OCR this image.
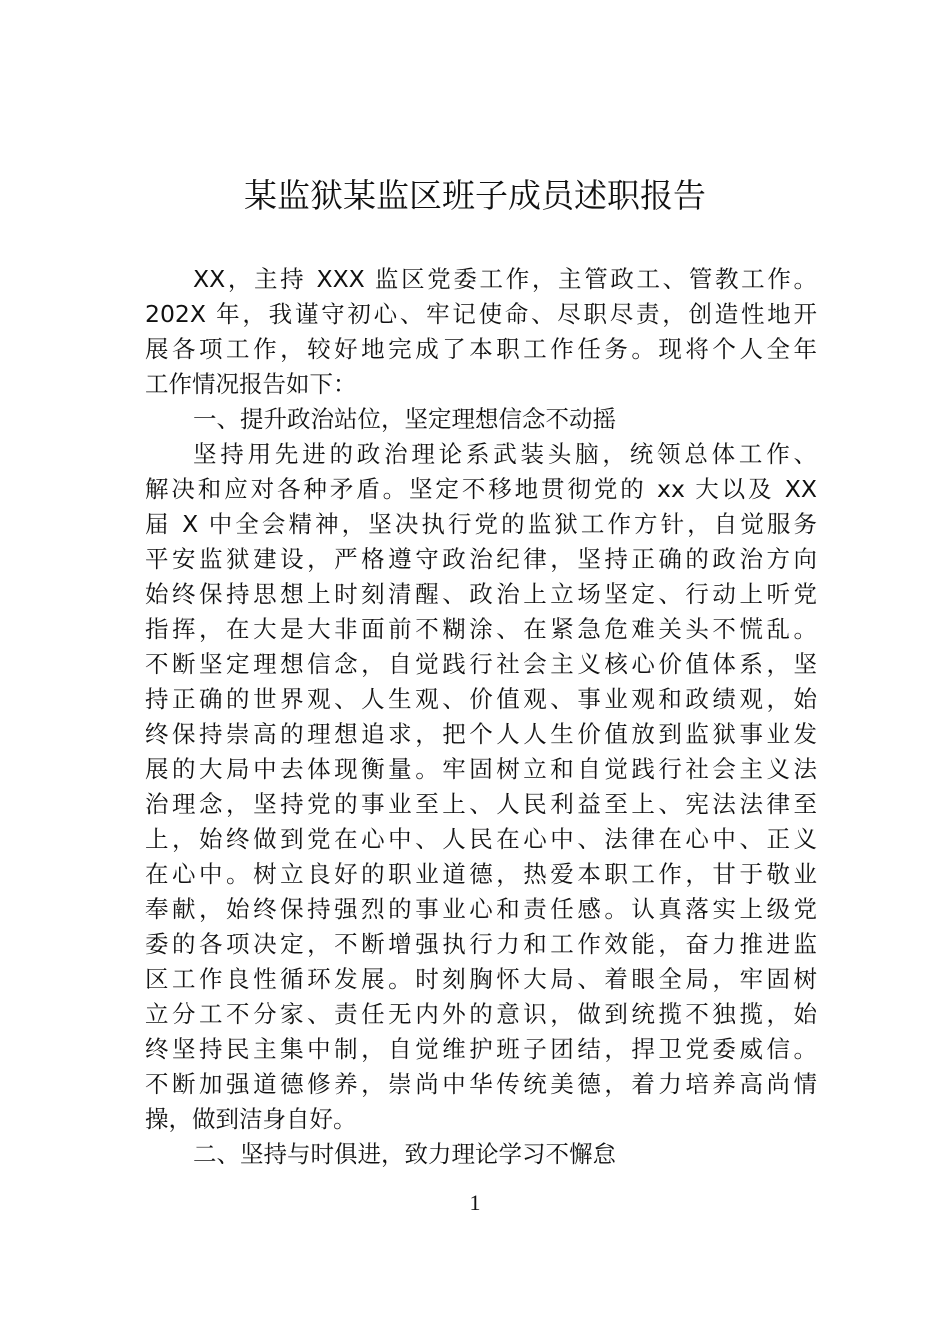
某监狱某监区班子成员述职报告
XX，主持 XXX 监区党委工作，主管政工、管教工作。
202X 年，我谨守初心、牢记使命、尽职尽责，创造性地开
展各项工作，较好地完成了本职工作任务。现将个人全年
工作情况报告如下：
一、提升政治站位，坚定理想信念不动摇
坚持用先进的政治理论系武装头脑，统领总体工作、
解决和应对各种矛盾。坚定不移地贯彻党的 xx 大以及 XX
届 X 中全会精神，坚决执行党的监狱工作方针，自觉服务
平安监狱建设，严格遵守政治纪律，坚持正确的政治方向
始终保持思想上时刻清醒、政治上立场坚定、行动上听党
指挥，在大是大非面前不糊涂、在紧急危难关头不慌乱。
不断坚定理想信念，自觉践行社会主义核心价值体系，坚
持正确的世界观、人生观、价值观、事业观和政绩观，始
终保持崇高的理想追求，把个人人生价值放到监狱事业发
展的大局中去体现衡量。牢固树立和自觉践行社会主义法
治理念，坚持党的事业至上、人民利益至上、宪法法律至
上，始终做到党在心中、人民在心中、法律在心中、正义
在心中。树立良好的职业道德，热爱本职工作，甘于敬业
奉献，始终保持强烈的事业心和责任感。认真落实上级党
委的各项决定，不断增强执行力和工作效能，奋力推进监
区工作良性循环发展。时刻胸怀大局、着眼全局，牢固树
立分工不分家、责任无内外的意识，做到统揽不独揽，始
终坚持民主集中制，自觉维护班子团结，捍卫党委威信。
不断加强道德修养，崇尚中华传统美德，着力培养高尚情
操，做到洁身自好。
二、坚持与时俱进，致力理论学习不懈怠
1
